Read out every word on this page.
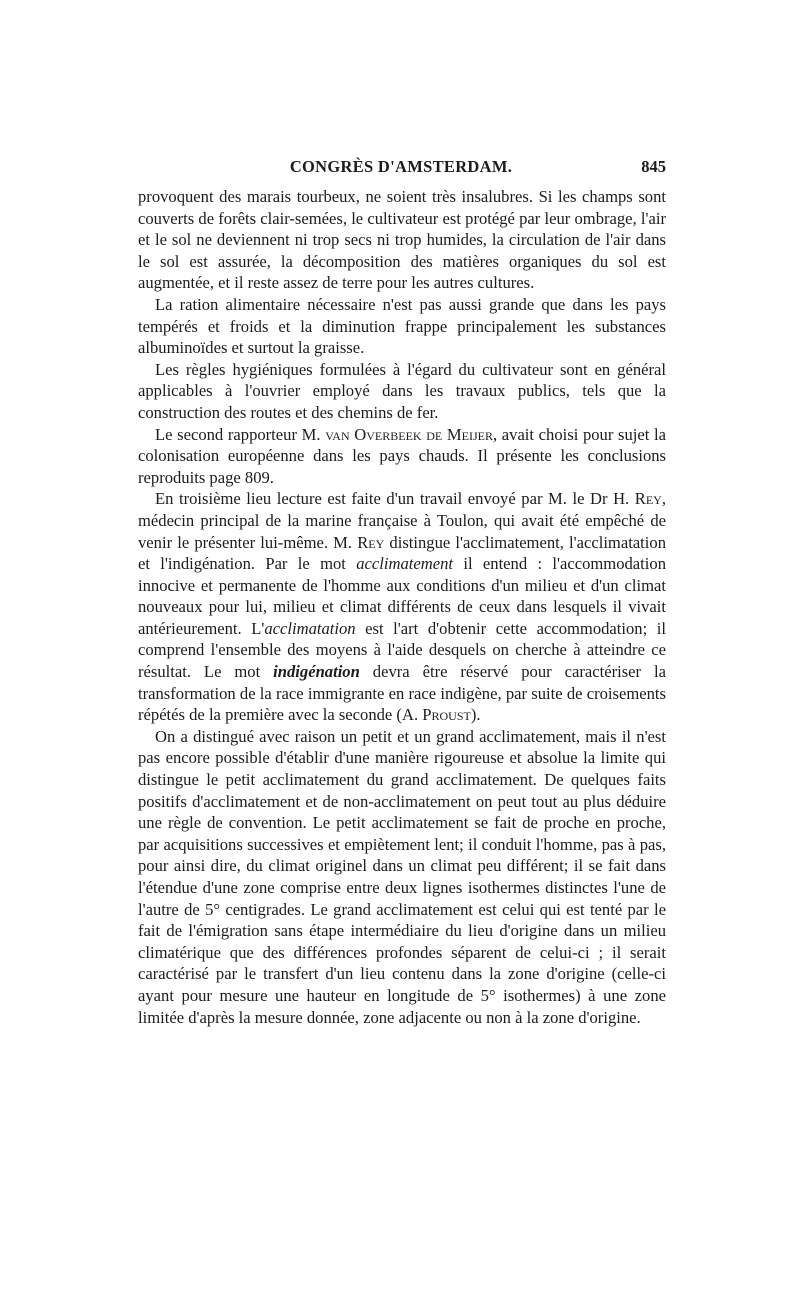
CONGRÈS D'AMSTERDAM.	845

provoquent des marais tourbeux, ne soient très insalubres. Si les champs sont couverts de forêts clair-semées, le cultivateur est protégé par leur ombrage, l'air et le sol ne deviennent ni trop secs ni trop humides, la circulation de l'air dans le sol est assurée, la décomposition des matières organiques du sol est augmentée, et il reste assez de terre pour les autres cultures.

La ration alimentaire nécessaire n'est pas aussi grande que dans les pays tempérés et froids et la diminution frappe principalement les substances albuminoïdes et surtout la graisse.

Les règles hygiéniques formulées à l'égard du cultivateur sont en général applicables à l'ouvrier employé dans les travaux publics, tels que la construction des routes et des chemins de fer.

Le second rapporteur M. van Overbeek de Meijer, avait choisi pour sujet la colonisation européenne dans les pays chauds. Il présente les conclusions reproduits page 809.

En troisième lieu lecture est faite d'un travail envoyé par M. le Dr H. Rey, médecin principal de la marine française à Toulon, qui avait été empêché de venir le présenter lui-même. M. Rey distingue l'acclimatement, l'acclimatation et l'indigénation. Par le mot acclimatement il entend : l'accommodation innocive et permanente de l'homme aux conditions d'un milieu et d'un climat nouveaux pour lui, milieu et climat différents de ceux dans lesquels il vivait antérieurement. L'acclimatation est l'art d'obtenir cette accommodation; il comprend l'ensemble des moyens à l'aide desquels on cherche à atteindre ce résultat. Le mot indigénation devra être réservé pour caractériser la transformation de la race immigrante en race indigène, par suite de croisements répétés de la première avec la seconde (A. Proust).

On a distingué avec raison un petit et un grand acclimatement, mais il n'est pas encore possible d'établir d'une manière rigoureuse et absolue la limite qui distingue le petit acclimatement du grand acclimatement. De quelques faits positifs d'acclimatement et de non-acclimatement on peut tout au plus déduire une règle de convention. Le petit acclimatement se fait de proche en proche, par acquisitions successives et empiètement lent; il conduit l'homme, pas à pas, pour ainsi dire, du climat originel dans un climat peu différent; il se fait dans l'étendue d'une zone comprise entre deux lignes isothermes distinctes l'une de l'autre de 5° centigrades. Le grand acclimatement est celui qui est tenté par le fait de l'émigration sans étape intermédiaire du lieu d'origine dans un milieu climatérique que des différences profondes séparent de celui-ci ; il serait caractérisé par le transfert d'un lieu contenu dans la zone d'origine (celle-ci ayant pour mesure une hauteur en longitude de 5° isothermes) à une zone limitée d'après la mesure donnée, zone adjacente ou non à la zone d'origine.
